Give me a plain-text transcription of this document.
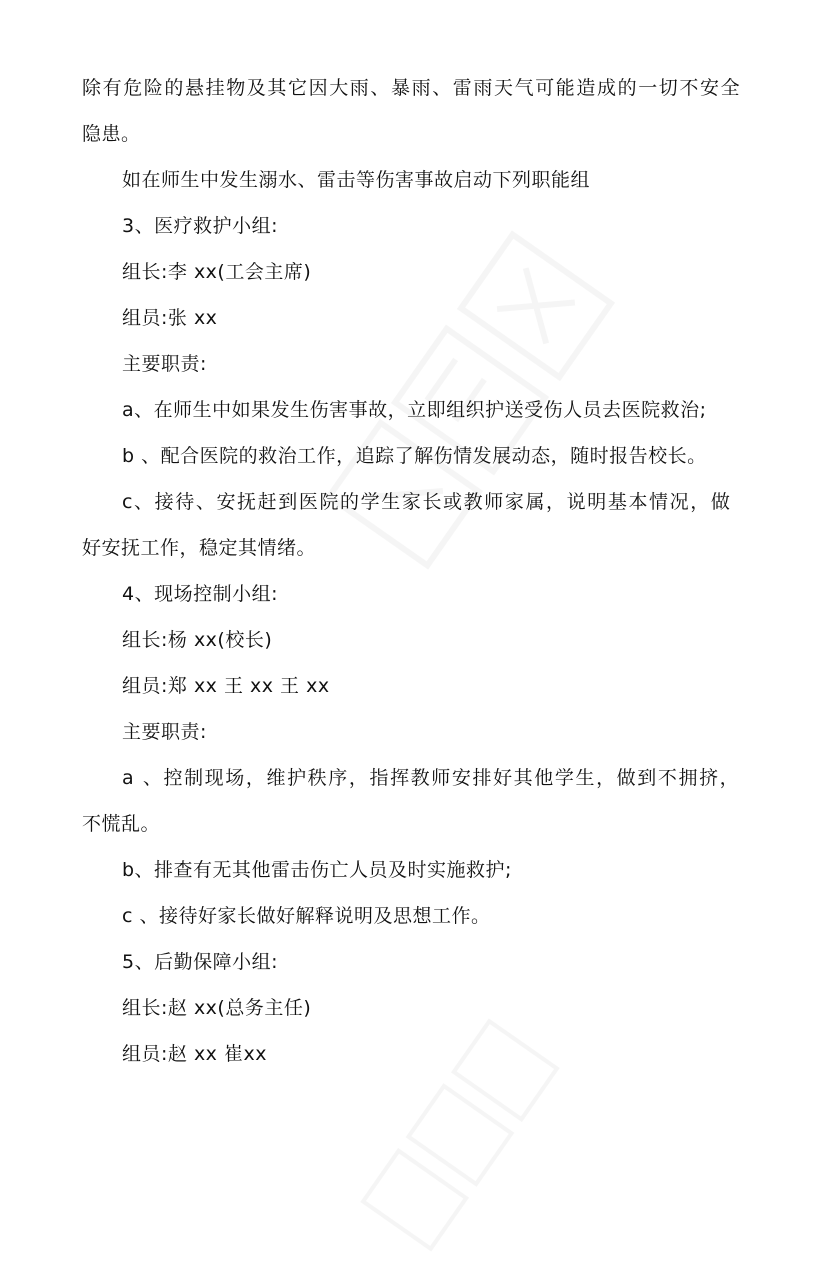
除有危险的悬挂物及其它因大雨、暴雨、雷雨天气可能造成的一切不安全
隐患。
如在师生中发生溺水、雷击等伤害事故启动下列职能组
3、医疗救护小组:
组长:李 xx(工会主席)
组员:张 xx
主要职责:
a、在师生中如果发生伤害事故，立即组织护送受伤人员去医院救治;
b 、配合医院的救治工作，追踪了解伤情发展动态，随时报告校长。
c、接待、安抚赶到医院的学生家长或教师家属，说明基本情况，做
好安抚工作，稳定其情绪。
4、现场控制小组:
组长:杨 xx(校长)
组员:郑 xx 王 xx 王 xx
主要职责:
a 、控制现场，维护秩序，指挥教师安排好其他学生，做到不拥挤，
不慌乱。
b、排查有无其他雷击伤亡人员及时实施救护;
c 、接待好家长做好解释说明及思想工作。
5、后勤保障小组:
组长:赵 xx(总务主任)
组员:赵 xx 崔xx
